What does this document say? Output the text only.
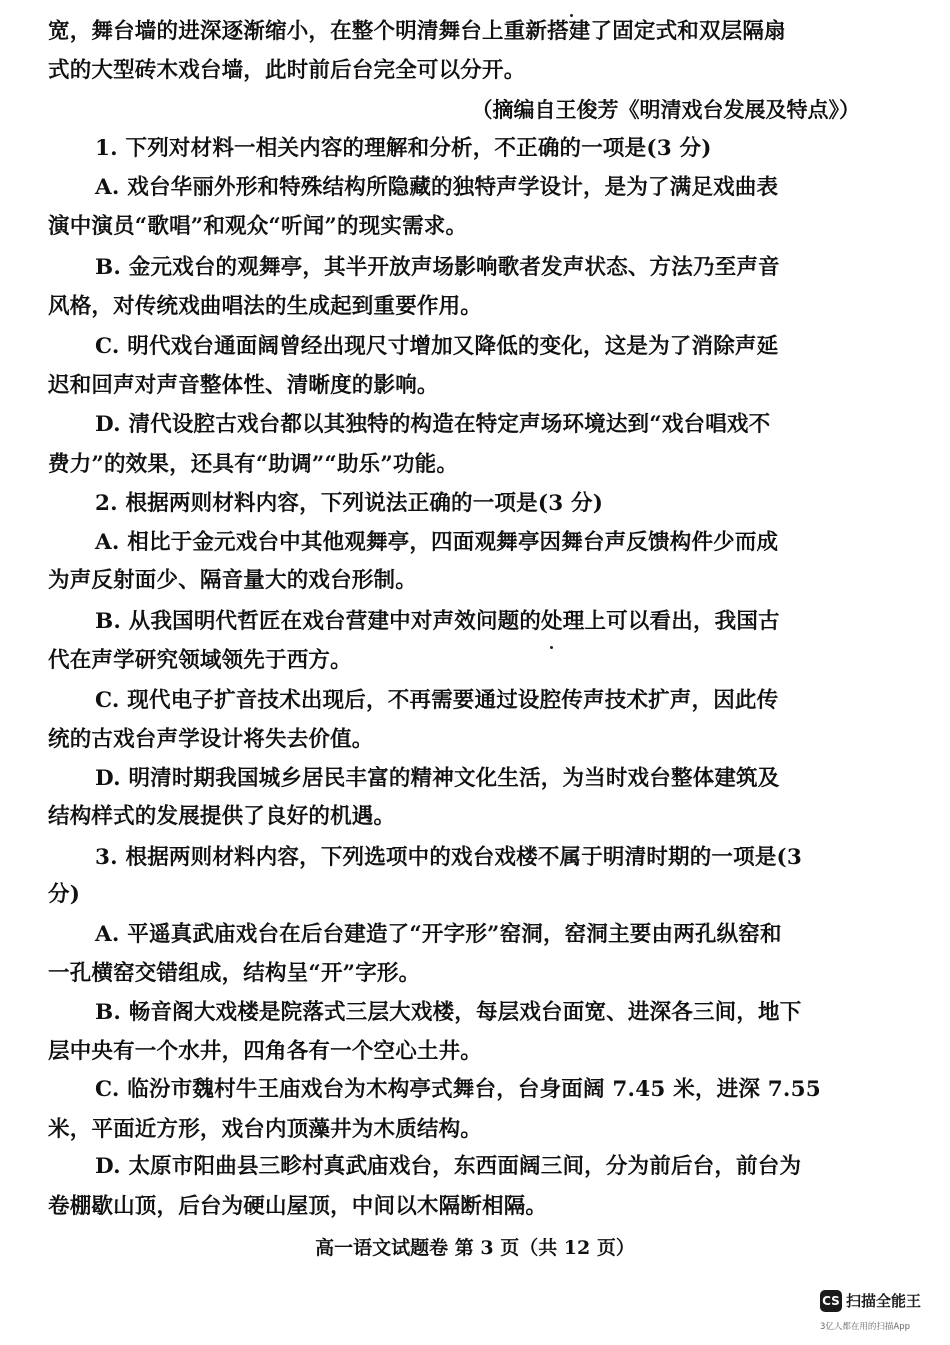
宽，舞台墙的进深逐渐缩小，在整个明清舞台上重新搭建了固定式和双层隔扇
式的大型砖木戏台墙，此时前后台完全可以分开。
（摘编自王俊芳《明清戏台发展及特点》）
1. 下列对材料一相关内容的理解和分析，不正确的一项是(3 分)
A. 戏台华丽外形和特殊结构所隐藏的独特声学设计，是为了满足戏曲表
演中演员“歌唱”和观众“听闻”的现实需求。
B. 金元戏台的观舞亭，其半开放声场影响歌者发声状态、方法乃至声音
风格，对传统戏曲唱法的生成起到重要作用。
C. 明代戏台通面阔曾经出现尺寸增加又降低的变化，这是为了消除声延
迟和回声对声音整体性、清晰度的影响。
D. 清代设腔古戏台都以其独特的构造在特定声场环境达到“戏台唱戏不
费力”的效果，还具有“助调”“助乐”功能。
2. 根据两则材料内容，下列说法正确的一项是(3 分)
A. 相比于金元戏台中其他观舞亭，四面观舞亭因舞台声反馈构件少而成
为声反射面少、隔音量大的戏台形制。
B. 从我国明代哲匠在戏台营建中对声效问题的处理上可以看出，我国古
代在声学研究领域领先于西方。
C. 现代电子扩音技术出现后，不再需要通过设腔传声技术扩声，因此传
统的古戏台声学设计将失去价值。
D. 明清时期我国城乡居民丰富的精神文化生活，为当时戏台整体建筑及
结构样式的发展提供了良好的机遇。
3. 根据两则材料内容，下列选项中的戏台戏楼不属于明清时期的一项是(3
分)
A. 平遥真武庙戏台在后台建造了“开字形”窑洞，窑洞主要由两孔纵窑和
一孔横窑交错组成，结构呈“开”字形。
B. 畅音阁大戏楼是院落式三层大戏楼，每层戏台面宽、进深各三间，地下
层中央有一个水井，四角各有一个空心土井。
C. 临汾市魏村牛王庙戏台为木构亭式舞台，台身面阔 7.45 米，进深 7.55
米，平面近方形，戏台内顶藻井为木质结构。
D. 太原市阳曲县三畛村真武庙戏台，东西面阔三间，分为前后台，前台为
卷棚歇山顶，后台为硬山屋顶，中间以木隔断相隔。
高一语文试题卷 第 3 页（共 12 页）
CS 扫描全能王
3亿人都在用的扫描App
